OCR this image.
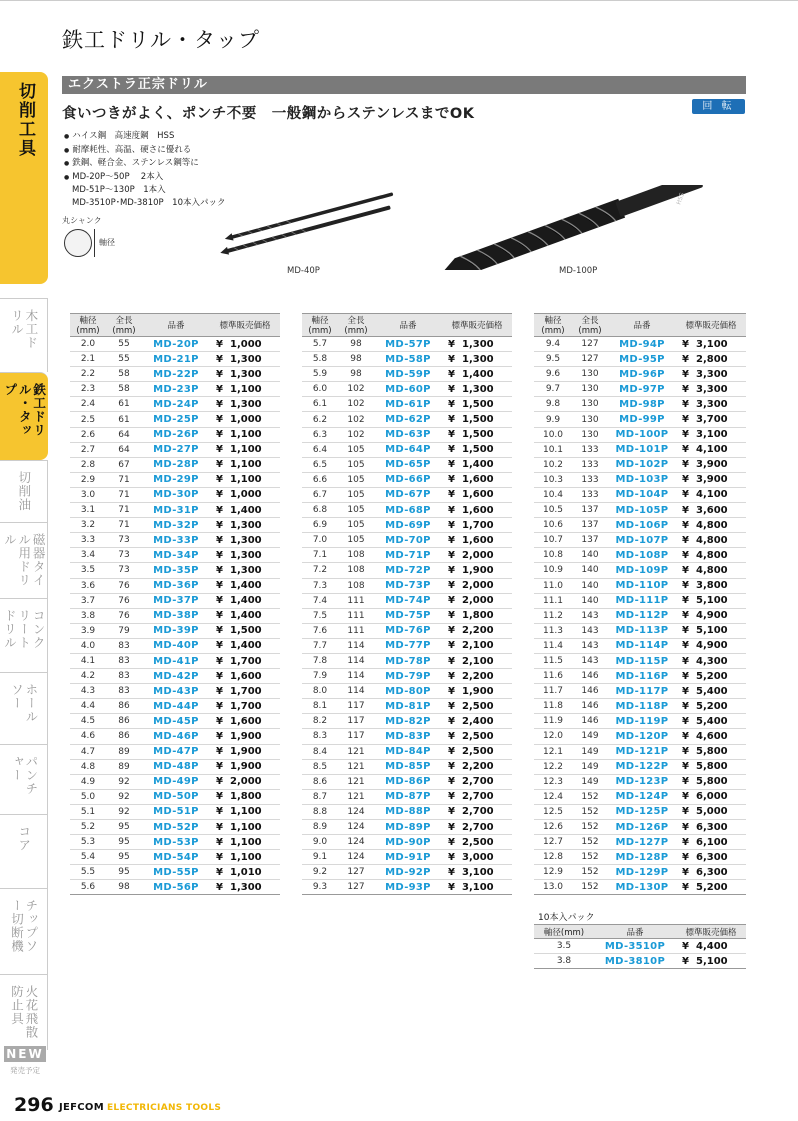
鉄工ドリル・タップ
切削工具
木工ドリル
鉄工ドリル・タップ
切削油
磁器タイル用ドリル
コンクリートドリル
ホールソー
パンチャー
コア
チップソー切断機
火花飛散防止具
NEW
発売予定
エクストラ正宗ドリル
食いつきがよく、ポンチ不要　一般鋼からステンレスまでOK	回 転
● ハイス鋼　高速度鋼　HSS
● 耐摩耗性、高温、硬さに優れる
● 鉄鋼、軽合金、ステンレス鋼等に
● MD-20P～50P　 2本入
MD-51P～130P　1本入
MD-3510P･MD-3810P　10本入パック
丸シャンク
軸径
HSS
MD-40P	MD-100P
軸径(mm)	全長(mm)	品番	標準販売価格
2.0	55	MD-20P	¥ 1,000
2.1	55	MD-21P	¥ 1,300
2.2	58	MD-22P	¥ 1,300
2.3	58	MD-23P	¥ 1,100
2.4	61	MD-24P	¥ 1,300
2.5	61	MD-25P	¥ 1,000
2.6	64	MD-26P	¥ 1,100
2.7	64	MD-27P	¥ 1,100
2.8	67	MD-28P	¥ 1,100
2.9	71	MD-29P	¥ 1,100
3.0	71	MD-30P	¥ 1,000
3.1	71	MD-31P	¥ 1,400
3.2	71	MD-32P	¥ 1,300
3.3	73	MD-33P	¥ 1,300
3.4	73	MD-34P	¥ 1,300
3.5	73	MD-35P	¥ 1,300
3.6	76	MD-36P	¥ 1,400
3.7	76	MD-37P	¥ 1,400
3.8	76	MD-38P	¥ 1,400
3.9	79	MD-39P	¥ 1,500
4.0	83	MD-40P	¥ 1,400
4.1	83	MD-41P	¥ 1,700
4.2	83	MD-42P	¥ 1,600
4.3	83	MD-43P	¥ 1,700
4.4	86	MD-44P	¥ 1,700
4.5	86	MD-45P	¥ 1,600
4.6	86	MD-46P	¥ 1,900
4.7	89	MD-47P	¥ 1,900
4.8	89	MD-48P	¥ 1,900
4.9	92	MD-49P	¥ 2,000
5.0	92	MD-50P	¥ 1,800
5.1	92	MD-51P	¥ 1,100
5.2	95	MD-52P	¥ 1,100
5.3	95	MD-53P	¥ 1,100
5.4	95	MD-54P	¥ 1,100
5.5	95	MD-55P	¥ 1,010
5.6	98	MD-56P	¥ 1,300
軸径(mm)	全長(mm)	品番	標準販売価格
5.7	98	MD-57P	¥ 1,300
5.8	98	MD-58P	¥ 1,300
5.9	98	MD-59P	¥ 1,400
6.0	102	MD-60P	¥ 1,300
6.1	102	MD-61P	¥ 1,500
6.2	102	MD-62P	¥ 1,500
6.3	102	MD-63P	¥ 1,500
6.4	105	MD-64P	¥ 1,500
6.5	105	MD-65P	¥ 1,400
6.6	105	MD-66P	¥ 1,600
6.7	105	MD-67P	¥ 1,600
6.8	105	MD-68P	¥ 1,600
6.9	105	MD-69P	¥ 1,700
7.0	105	MD-70P	¥ 1,600
7.1	108	MD-71P	¥ 2,000
7.2	108	MD-72P	¥ 1,900
7.3	108	MD-73P	¥ 2,000
7.4	111	MD-74P	¥ 2,000
7.5	111	MD-75P	¥ 1,800
7.6	111	MD-76P	¥ 2,200
7.7	114	MD-77P	¥ 2,100
7.8	114	MD-78P	¥ 2,100
7.9	114	MD-79P	¥ 2,200
8.0	114	MD-80P	¥ 1,900
8.1	117	MD-81P	¥ 2,500
8.2	117	MD-82P	¥ 2,400
8.3	117	MD-83P	¥ 2,500
8.4	121	MD-84P	¥ 2,500
8.5	121	MD-85P	¥ 2,200
8.6	121	MD-86P	¥ 2,700
8.7	121	MD-87P	¥ 2,700
8.8	124	MD-88P	¥ 2,700
8.9	124	MD-89P	¥ 2,700
9.0	124	MD-90P	¥ 2,500
9.1	124	MD-91P	¥ 3,000
9.2	127	MD-92P	¥ 3,100
9.3	127	MD-93P	¥ 3,100
軸径(mm)	全長(mm)	品番	標準販売価格
9.4	127	MD-94P	¥ 3,100
9.5	127	MD-95P	¥ 2,800
9.6	130	MD-96P	¥ 3,300
9.7	130	MD-97P	¥ 3,300
9.8	130	MD-98P	¥ 3,300
9.9	130	MD-99P	¥ 3,700
10.0	130	MD-100P	¥ 3,100
10.1	133	MD-101P	¥ 4,100
10.2	133	MD-102P	¥ 3,900
10.3	133	MD-103P	¥ 3,900
10.4	133	MD-104P	¥ 4,100
10.5	137	MD-105P	¥ 3,600
10.6	137	MD-106P	¥ 4,800
10.7	137	MD-107P	¥ 4,800
10.8	140	MD-108P	¥ 4,800
10.9	140	MD-109P	¥ 4,800
11.0	140	MD-110P	¥ 3,800
11.1	140	MD-111P	¥ 5,100
11.2	143	MD-112P	¥ 4,900
11.3	143	MD-113P	¥ 5,100
11.4	143	MD-114P	¥ 4,900
11.5	143	MD-115P	¥ 4,300
11.6	146	MD-116P	¥ 5,200
11.7	146	MD-117P	¥ 5,400
11.8	146	MD-118P	¥ 5,200
11.9	146	MD-119P	¥ 5,400
12.0	149	MD-120P	¥ 4,600
12.1	149	MD-121P	¥ 5,800
12.2	149	MD-122P	¥ 5,800
12.3	149	MD-123P	¥ 5,800
12.4	152	MD-124P	¥ 6,000
12.5	152	MD-125P	¥ 5,000
12.6	152	MD-126P	¥ 6,300
12.7	152	MD-127P	¥ 6,100
12.8	152	MD-128P	¥ 6,300
12.9	152	MD-129P	¥ 6,300
13.0	152	MD-130P	¥ 5,200
10本入パック
軸径(mm)	品番	標準販売価格
3.5	MD-3510P	¥ 4,400
3.8	MD-3810P	¥ 5,100
296 JEFCOM ELECTRICIANS TOOLS
